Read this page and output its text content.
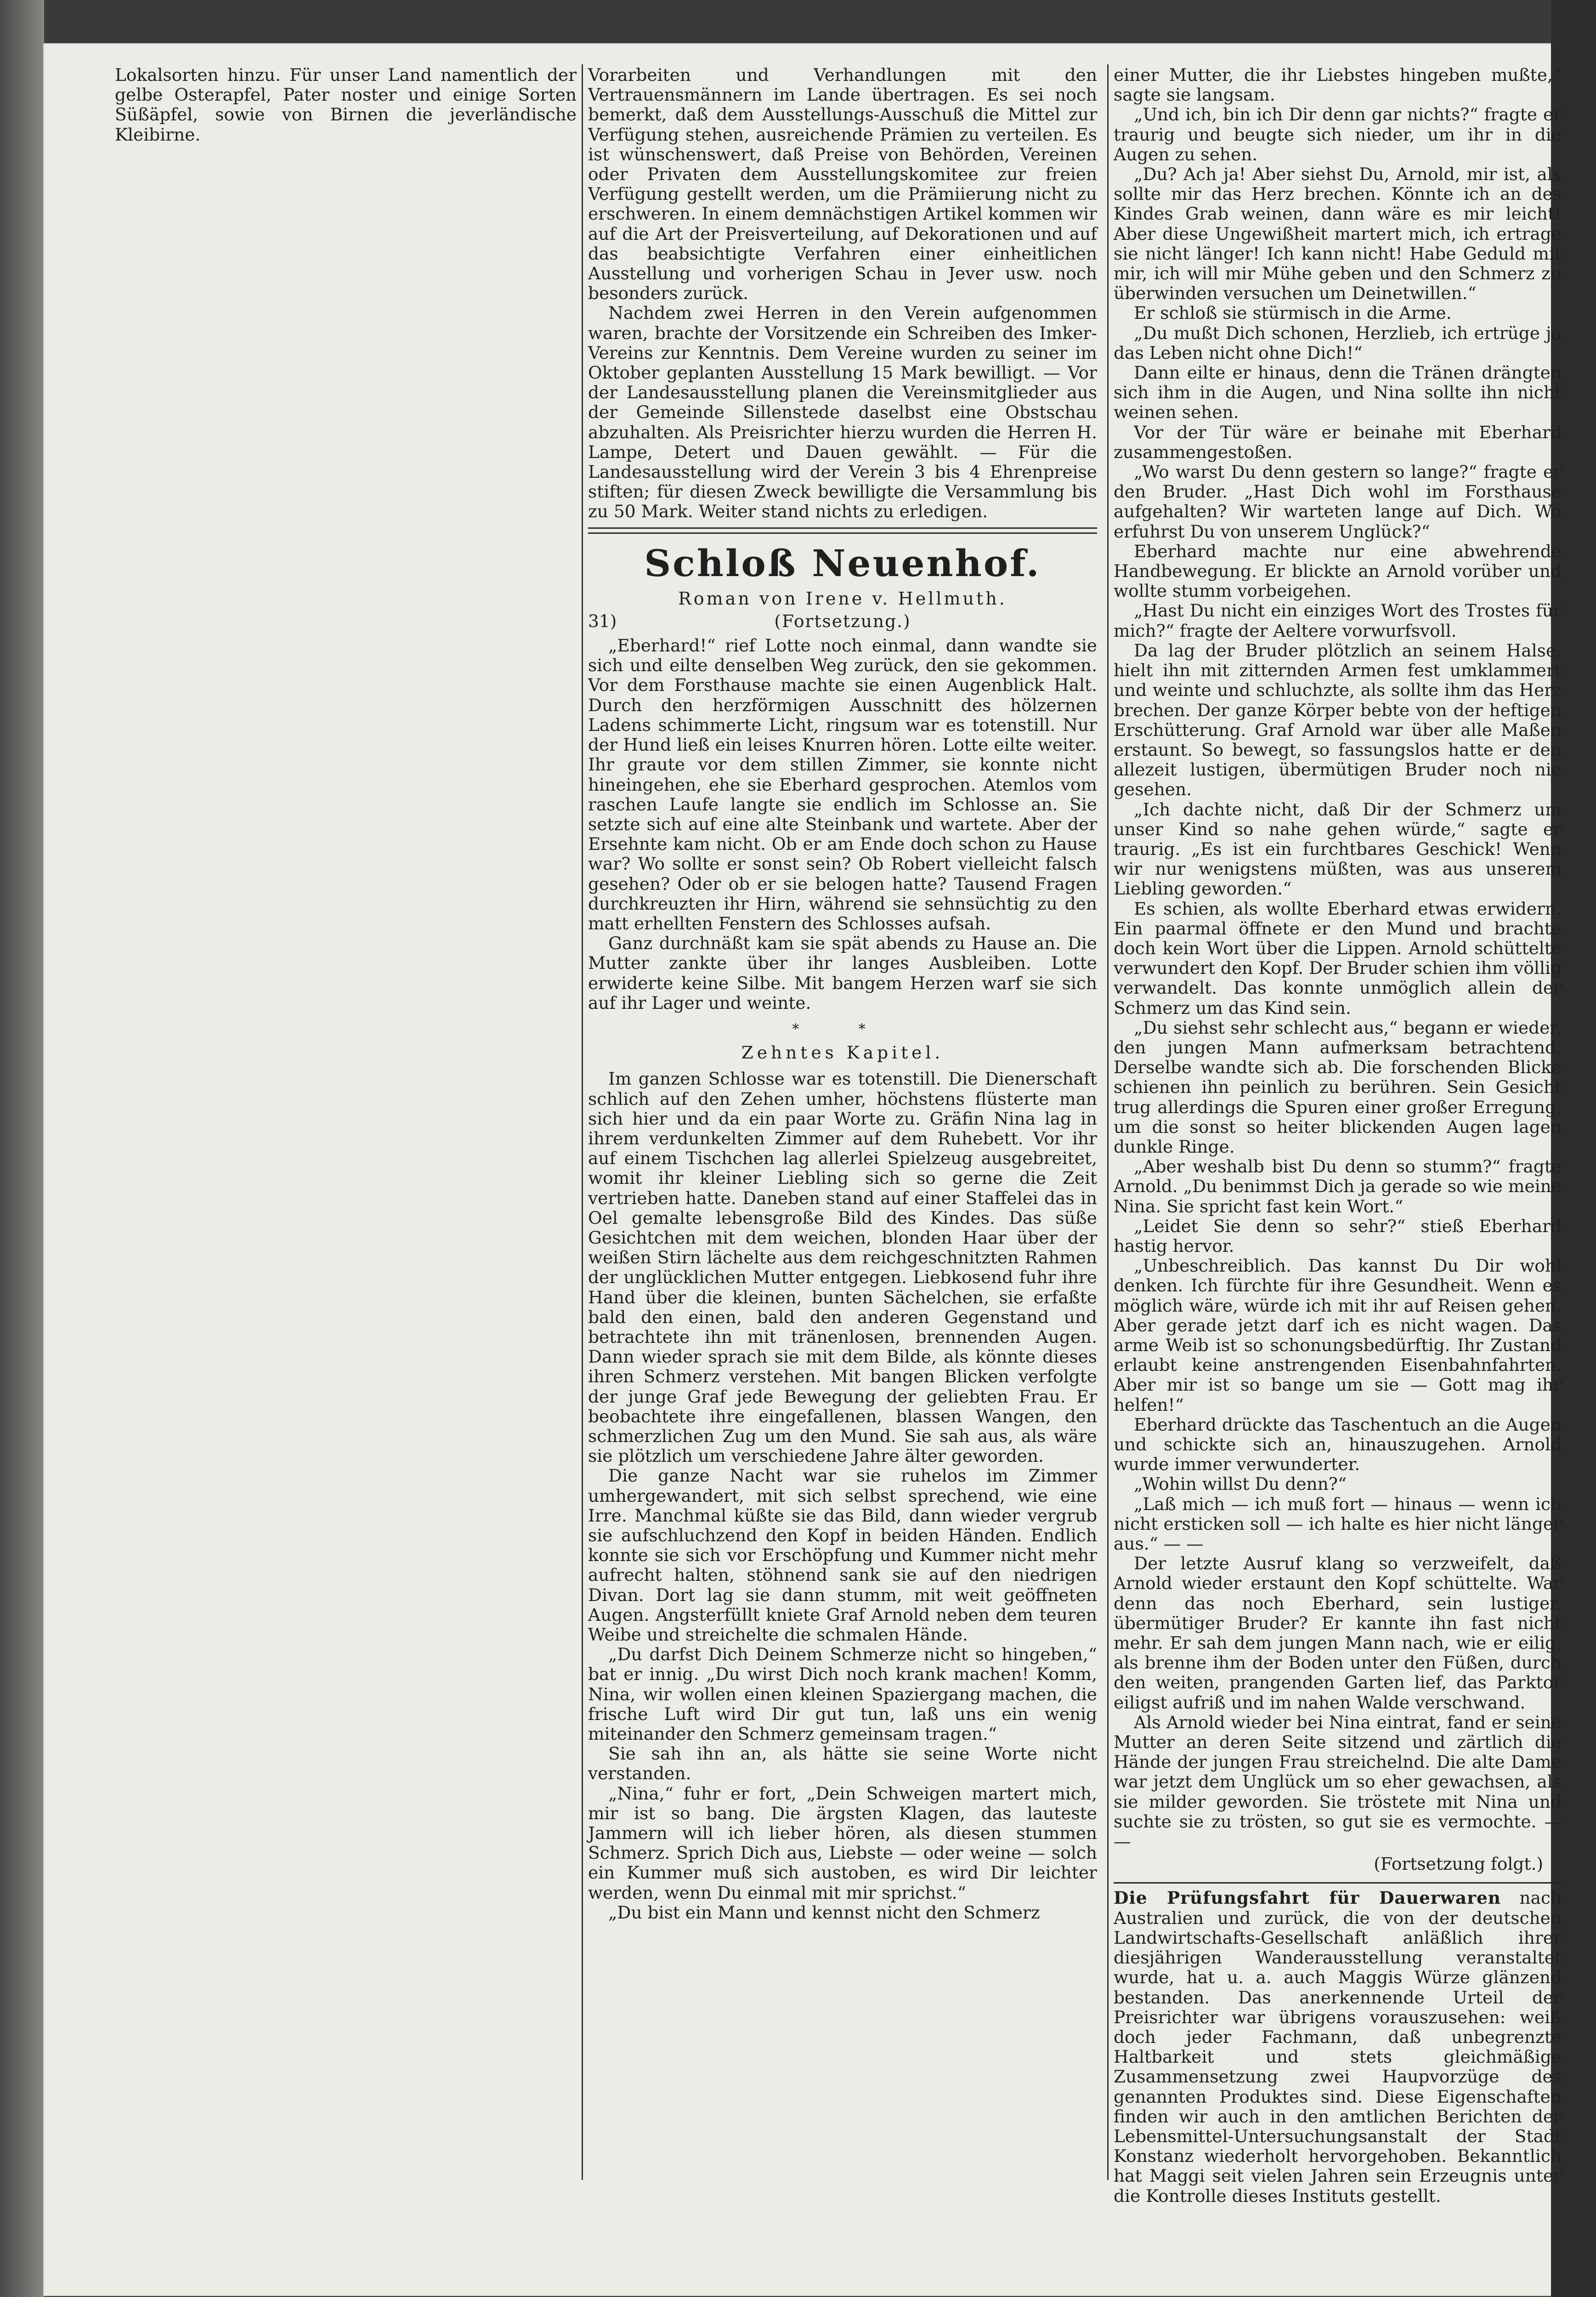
Lokalsorten hinzu. Für unser Land namentlich der gelbe Osterapfel, Pater noster und einige Sorten Süßäpfel, sowie von Birnen die jeverländische Kleibirne.

Vorarbeiten und Verhandlungen mit den Vertrauensmännern im Lande übertragen. Es sei noch bemerkt, daß dem Ausstellungs-Ausschuß die Mittel zur Verfügung stehen, ausreichende Prämien zu verteilen. Es ist wünschenswert, daß Preise von Behörden, Vereinen oder Privaten dem Ausstellungskomitee zur freien Verfügung gestellt werden, um die Prämiierung nicht zu erschweren. In einem demnächstigen Artikel kommen wir auf die Art der Preisverteilung, auf Dekorationen und auf das beabsichtigte Verfahren einer einheitlichen Ausstellung und vorherigen Schau in Jever usw. noch besonders zurück.

Nachdem zwei Herren in den Verein aufgenommen waren, brachte der Vorsitzende ein Schreiben des Imker-Vereins zur Kenntnis. Dem Vereine wurden zu seiner im Oktober geplanten Ausstellung 15 Mark bewilligt. — Vor der Landesausstellung planen die Vereinsmitglieder aus der Gemeinde Sillenstede daselbst eine Obstschau abzuhalten. Als Preisrichter hierzu wurden die Herren H. Lampe, Detert und Dauen gewählt. — Für die Landesausstellung wird der Verein 3 bis 4 Ehrenpreise stiften; für diesen Zweck bewilligte die Versammlung bis zu 50 Mark. Weiter stand nichts zu erledigen.

Schloß Neuenhof.
Roman von Irene v. Hellmuth.
31)	(Fortsetzung.)

„Eberhard!“ rief Lotte noch einmal, dann wandte sie sich und eilte denselben Weg zurück, den sie gekommen. Vor dem Forsthause machte sie einen Augenblick Halt. Durch den herzförmigen Ausschnitt des hölzernen Ladens schimmerte Licht, ringsum war es totenstill. Nur der Hund ließ ein leises Knurren hören. Lotte eilte weiter. Ihr graute vor dem stillen Zimmer, sie konnte nicht hineingehen, ehe sie Eberhard gesprochen. Atemlos vom raschen Laufe langte sie endlich im Schlosse an. Sie setzte sich auf eine alte Steinbank und wartete. Aber der Ersehnte kam nicht. Ob er am Ende doch schon zu Hause war? Wo sollte er sonst sein? Ob Robert vielleicht falsch gesehen? Oder ob er sie belogen hatte? Tausend Fragen durchkreuzten ihr Hirn, während sie sehnsüchtig zu den matt erhellten Fenstern des Schlosses aufsah.

Ganz durchnäßt kam sie spät abends zu Hause an. Die Mutter zankte über ihr langes Ausbleiben. Lotte erwiderte keine Silbe. Mit bangem Herzen warf sie sich auf ihr Lager und weinte.

* *
Zehntes Kapitel.

Im ganzen Schlosse war es totenstill. Die Dienerschaft schlich auf den Zehen umher, höchstens flüsterte man sich hier und da ein paar Worte zu. Gräfin Nina lag in ihrem verdunkelten Zimmer auf dem Ruhebett. Vor ihr auf einem Tischchen lag allerlei Spielzeug ausgebreitet, womit ihr kleiner Liebling sich so gerne die Zeit vertrieben hatte. Daneben stand auf einer Staffelei das in Oel gemalte lebensgroße Bild des Kindes. Das süße Gesichtchen mit dem weichen, blonden Haar über der weißen Stirn lächelte aus dem reichgeschnitzten Rahmen der unglücklichen Mutter entgegen. Liebkosend fuhr ihre Hand über die kleinen, bunten Sächelchen, sie erfaßte bald den einen, bald den anderen Gegenstand und betrachtete ihn mit tränenlosen, brennenden Augen. Dann wieder sprach sie mit dem Bilde, als könnte dieses ihren Schmerz verstehen. Mit bangen Blicken verfolgte der junge Graf jede Bewegung der geliebten Frau. Er beobachtete ihre eingefallenen, blassen Wangen, den schmerzlichen Zug um den Mund. Sie sah aus, als wäre sie plötzlich um verschiedene Jahre älter geworden.

Die ganze Nacht war sie ruhelos im Zimmer umhergewandert, mit sich selbst sprechend, wie eine Irre. Manchmal küßte sie das Bild, dann wieder vergrub sie aufschluchzend den Kopf in beiden Händen. Endlich konnte sie sich vor Erschöpfung und Kummer nicht mehr aufrecht halten, stöhnend sank sie auf den niedrigen Divan. Dort lag sie dann stumm, mit weit geöffneten Augen. Angsterfüllt kniete Graf Arnold neben dem teuren Weibe und streichelte die schmalen Hände.

„Du darfst Dich Deinem Schmerze nicht so hingeben,“ bat er innig. „Du wirst Dich noch krank machen! Komm, Nina, wir wollen einen kleinen Spaziergang machen, die frische Luft wird Dir gut tun, laß uns ein wenig miteinander den Schmerz gemeinsam tragen.“

Sie sah ihn an, als hätte sie seine Worte nicht verstanden.

„Nina,“ fuhr er fort, „Dein Schweigen martert mich, mir ist so bang. Die ärgsten Klagen, das lauteste Jammern will ich lieber hören, als diesen stummen Schmerz. Sprich Dich aus, Liebste — oder weine — solch ein Kummer muß sich austoben, es wird Dir leichter werden, wenn Du einmal mit mir sprichst.“

„Du bist ein Mann und kennst nicht den Schmerz

einer Mutter, die ihr Liebstes hingeben mußte,“ sagte sie langsam.

„Und ich, bin ich Dir denn gar nichts?“ fragte er traurig und beugte sich nieder, um ihr in die Augen zu sehen.

„Du? Ach ja! Aber siehst Du, Arnold, mir ist, als sollte mir das Herz brechen. Könnte ich an des Kindes Grab weinen, dann wäre es mir leicht! Aber diese Ungewißheit martert mich, ich ertrage sie nicht länger! Ich kann nicht! Habe Geduld mit mir, ich will mir Mühe geben und den Schmerz zu überwinden versuchen um Deinetwillen.“

Er schloß sie stürmisch in die Arme.

„Du mußt Dich schonen, Herzlieb, ich ertrüge ja das Leben nicht ohne Dich!“

Dann eilte er hinaus, denn die Tränen drängten sich ihm in die Augen, und Nina sollte ihn nicht weinen sehen.

Vor der Tür wäre er beinahe mit Eberhard zusammengestoßen.

„Wo warst Du denn gestern so lange?“ fragte er den Bruder. „Hast Dich wohl im Forsthause aufgehalten? Wir warteten lange auf Dich. Wo erfuhrst Du von unserem Unglück?“

Eberhard machte nur eine abwehrende Handbewegung. Er blickte an Arnold vorüber und wollte stumm vorbeigehen.

„Hast Du nicht ein einziges Wort des Trostes für mich?“ fragte der Aeltere vorwurfsvoll.

Da lag der Bruder plötzlich an seinem Halse, hielt ihn mit zitternden Armen fest umklammert und weinte und schluchzte, als sollte ihm das Herz brechen. Der ganze Körper bebte von der heftigen Erschütterung. Graf Arnold war über alle Maßen erstaunt. So bewegt, so fassungslos hatte er den allezeit lustigen, übermütigen Bruder noch nie gesehen.

„Ich dachte nicht, daß Dir der Schmerz um unser Kind so nahe gehen würde,“ sagte er traurig. „Es ist ein furchtbares Geschick! Wenn wir nur wenigstens müßten, was aus unserem Liebling geworden.“

Es schien, als wollte Eberhard etwas erwidern. Ein paarmal öffnete er den Mund und brachte doch kein Wort über die Lippen. Arnold schüttelte verwundert den Kopf. Der Bruder schien ihm völlig verwandelt. Das konnte unmöglich allein der Schmerz um das Kind sein.

„Du siehst sehr schlecht aus,“ begann er wieder, den jungen Mann aufmerksam betrachtend. Derselbe wandte sich ab. Die forschenden Blicke schienen ihn peinlich zu berühren. Sein Gesicht trug allerdings die Spuren einer großer Erregung, um die sonst so heiter blickenden Augen lagen dunkle Ringe.

„Aber weshalb bist Du denn so stumm?“ fragte Arnold. „Du benimmst Dich ja gerade so wie meine Nina. Sie spricht fast kein Wort.“

„Leidet Sie denn so sehr?“ stieß Eberhard hastig hervor.

„Unbeschreiblich. Das kannst Du Dir wohl denken. Ich fürchte für ihre Gesundheit. Wenn es möglich wäre, würde ich mit ihr auf Reisen gehen. Aber gerade jetzt darf ich es nicht wagen. Das arme Weib ist so schonungsbedürftig. Ihr Zustand erlaubt keine anstrengenden Eisenbahnfahrten. Aber mir ist so bange um sie — Gott mag ihr helfen!“

Eberhard drückte das Taschentuch an die Augen und schickte sich an, hinauszugehen. Arnold wurde immer verwunderter.

„Wohin willst Du denn?“

„Laß mich — ich muß fort — hinaus — wenn ich nicht ersticken soll — ich halte es hier nicht länger aus.“ — —

Der letzte Ausruf klang so verzweifelt, daß Arnold wieder erstaunt den Kopf schüttelte. War denn das noch Eberhard, sein lustiger, übermütiger Bruder? Er kannte ihn fast nicht mehr. Er sah dem jungen Mann nach, wie er eilig, als brenne ihm der Boden unter den Füßen, durch den weiten, prangenden Garten lief, das Parktor eiligst aufriß und im nahen Walde verschwand.

Als Arnold wieder bei Nina eintrat, fand er seine Mutter an deren Seite sitzend und zärtlich die Hände der jungen Frau streichelnd. Die alte Dame war jetzt dem Unglück um so eher gewachsen, als sie milder geworden. Sie tröstete mit Nina und suchte sie zu trösten, so gut sie es vermochte. — —

(Fortsetzung folgt.)

Die Prüfungsfahrt für Dauerwaren nach Australien und zurück, die von der deutschen Landwirtschafts-Gesellschaft anläßlich ihrer diesjährigen Wanderausstellung veranstaltet wurde, hat u. a. auch Maggis Würze glänzend bestanden. Das anerkennende Urteil der Preisrichter war übrigens vorauszusehen: weiß doch jeder Fachmann, daß unbegrenzte Haltbarkeit und stets gleichmäßige Zusammensetzung zwei Haupvorzüge des genannten Produktes sind. Diese Eigenschaften finden wir auch in den amtlichen Berichten der Lebensmittel-Untersuchungsanstalt der Stadt Konstanz wiederholt hervorgehoben. Bekanntlich hat Maggi seit vielen Jahren sein Erzeugnis unter die Kontrolle dieses Instituts gestellt.
